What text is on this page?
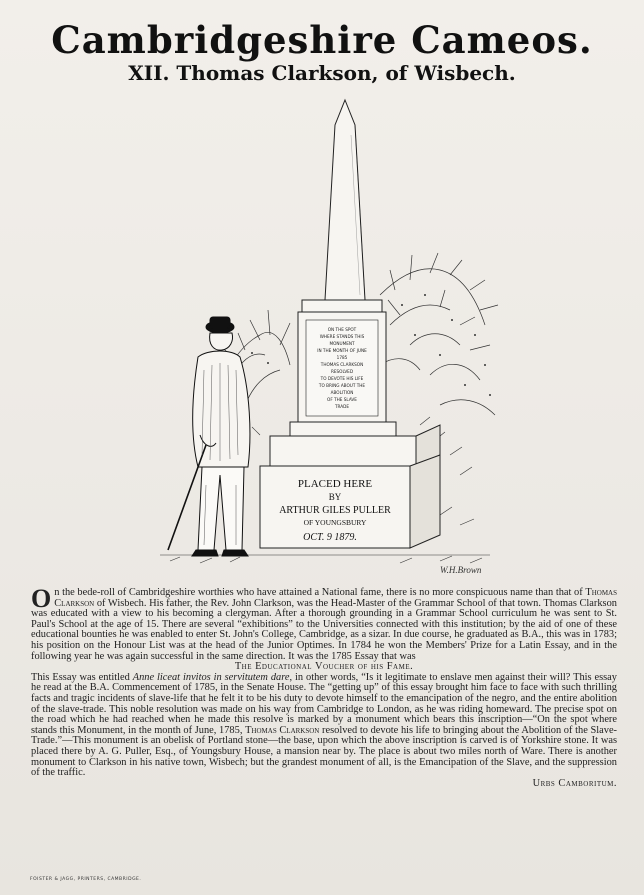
Cambridgeshire Cameos.
XII. Thomas Clarkson, of Wisbech.
ON THE SPOT
WHERE STANDS THIS
MONUMENT
IN THE MONTH OF JUNE
1785
THOMAS CLARKSON
RESOLVED
TO DEVOTE HIS LIFE
TO BRING ABOUT THE
ABOLITION
OF THE SLAVE
TRADE
PLACED HERE
BY
ARTHUR GILES PULLER
OF YOUNGSBURY
OCT. 9 1879.
W.H.Brown

On the bede-roll of Cambridgeshire worthies who have attained a National fame, there is no more conspicuous name than that of Thomas Clarkson of Wisbech. His father, the Rev. John Clarkson, was the Head-Master of the Grammar School of that town. Thomas Clarkson was educated with a view to his becoming a clergyman. After a thorough grounding in a Grammar School curriculum he was sent to St. Paul's School at the age of 15. There are several “exhibitions” to the Universities connected with this institution; by the aid of one of these educational bounties he was enabled to enter St. John's College, Cambridge, as a sizar. In due course, he graduated as B.A., this was in 1783; his position on the Honour List was at the head of the Junior Optimes. In 1784 he won the Members' Prize for a Latin Essay, and in the following year he was again successful in the same direction. It was the 1785 Essay that was

The Educational Voucher of his Fame.

This Essay was entitled Anne liceat invitos in servitutem dare, in other words, “Is it legitimate to enslave men against their will? This essay he read at the B.A. Commencement of 1785, in the Senate House. The “getting up” of this essay brought him face to face with such thrilling facts and tragic incidents of slave-life that he felt it to be his duty to devote himself to the emancipation of the negro, and the entire abolition of the slave-trade. This noble resolution was made on his way from Cambridge to London, as he was riding homeward. The precise spot on the road which he had reached when he made this resolve is marked by a monument which bears this inscription—“On the spot where stands this Monument, in the month of June, 1785, Thomas Clarkson resolved to devote his life to bringing about the Abolition of the Slave-Trade.”—This monument is an obelisk of Portland stone—the base, upon which the above inscription is carved is of Yorkshire stone. It was placed there by A. G. Puller, Esq., of Youngsbury House, a mansion near by. The place is about two miles north of Ware. There is another monument to Clarkson in his native town, Wisbech; but the grandest monument of all, is the Emancipation of the Slave, and the suppression of the traffic.

Urbs Camboritum.

FOISTER & JAGG, PRINTERS, CAMBRIDGE.
